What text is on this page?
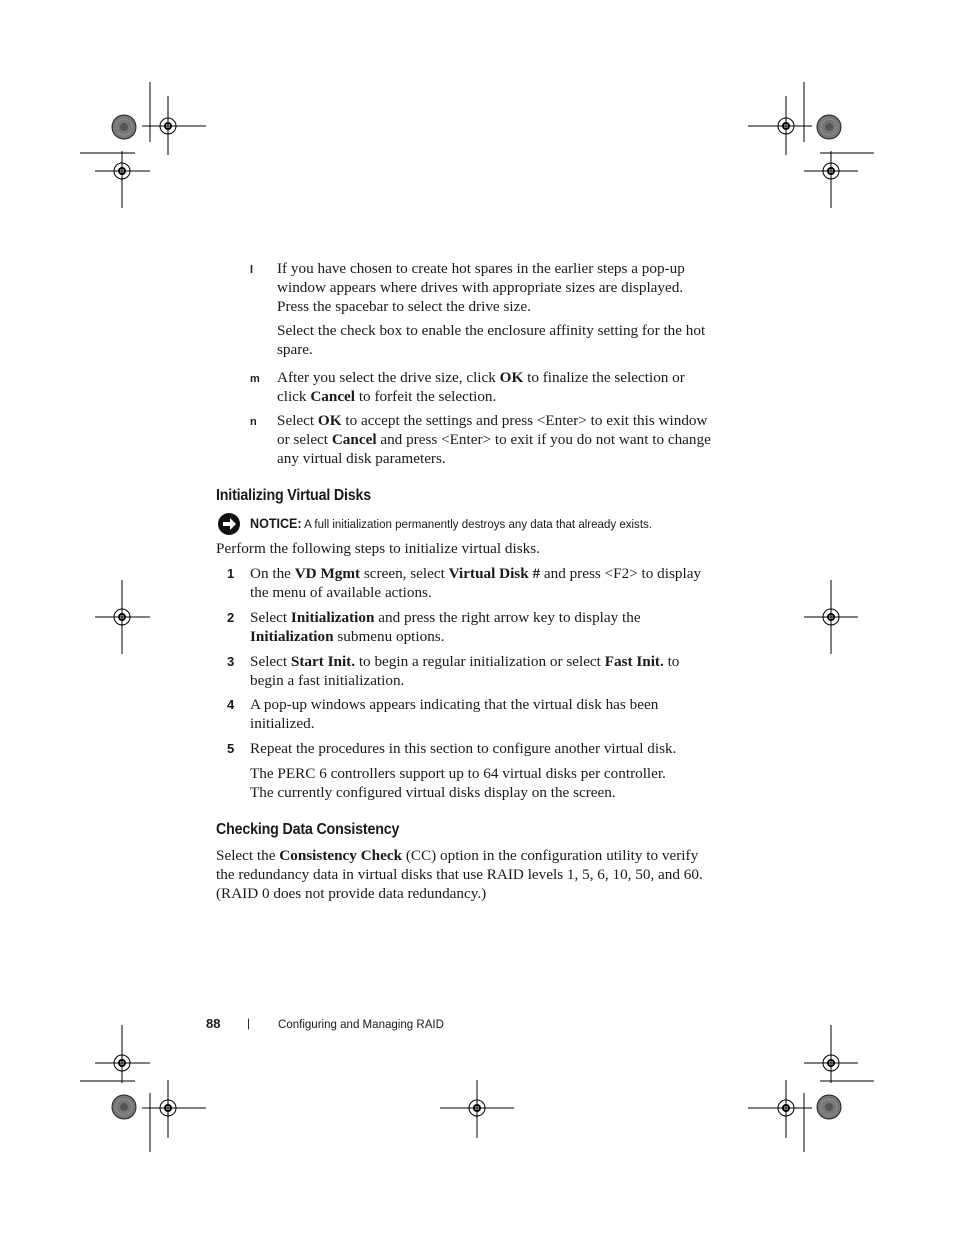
l If you have chosen to create hot spares in the earlier steps a pop-up window appears where drives with appropriate sizes are displayed. Press the spacebar to select the drive size.
Select the check box to enable the enclosure affinity setting for the hot spare.
m After you select the drive size, click OK to finalize the selection or click Cancel to forfeit the selection.
n Select OK to accept the settings and press <Enter> to exit this window or select Cancel and press <Enter> to exit if you do not want to change any virtual disk parameters.
Initializing Virtual Disks
NOTICE: A full initialization permanently destroys any data that already exists.
Perform the following steps to initialize virtual disks.
1 On the VD Mgmt screen, select Virtual Disk # and press <F2> to display the menu of available actions.
2 Select Initialization and press the right arrow key to display the Initialization submenu options.
3 Select Start Init. to begin a regular initialization or select Fast Init. to begin a fast initialization.
4 A pop-up windows appears indicating that the virtual disk has been initialized.
5 Repeat the procedures in this section to configure another virtual disk.
The PERC 6 controllers support up to 64 virtual disks per controller. The currently configured virtual disks display on the screen.
Checking Data Consistency
Select the Consistency Check (CC) option in the configuration utility to verify the redundancy data in virtual disks that use RAID levels 1, 5, 6, 10, 50, and 60. (RAID 0 does not provide data redundancy.)
88 | Configuring and Managing RAID
